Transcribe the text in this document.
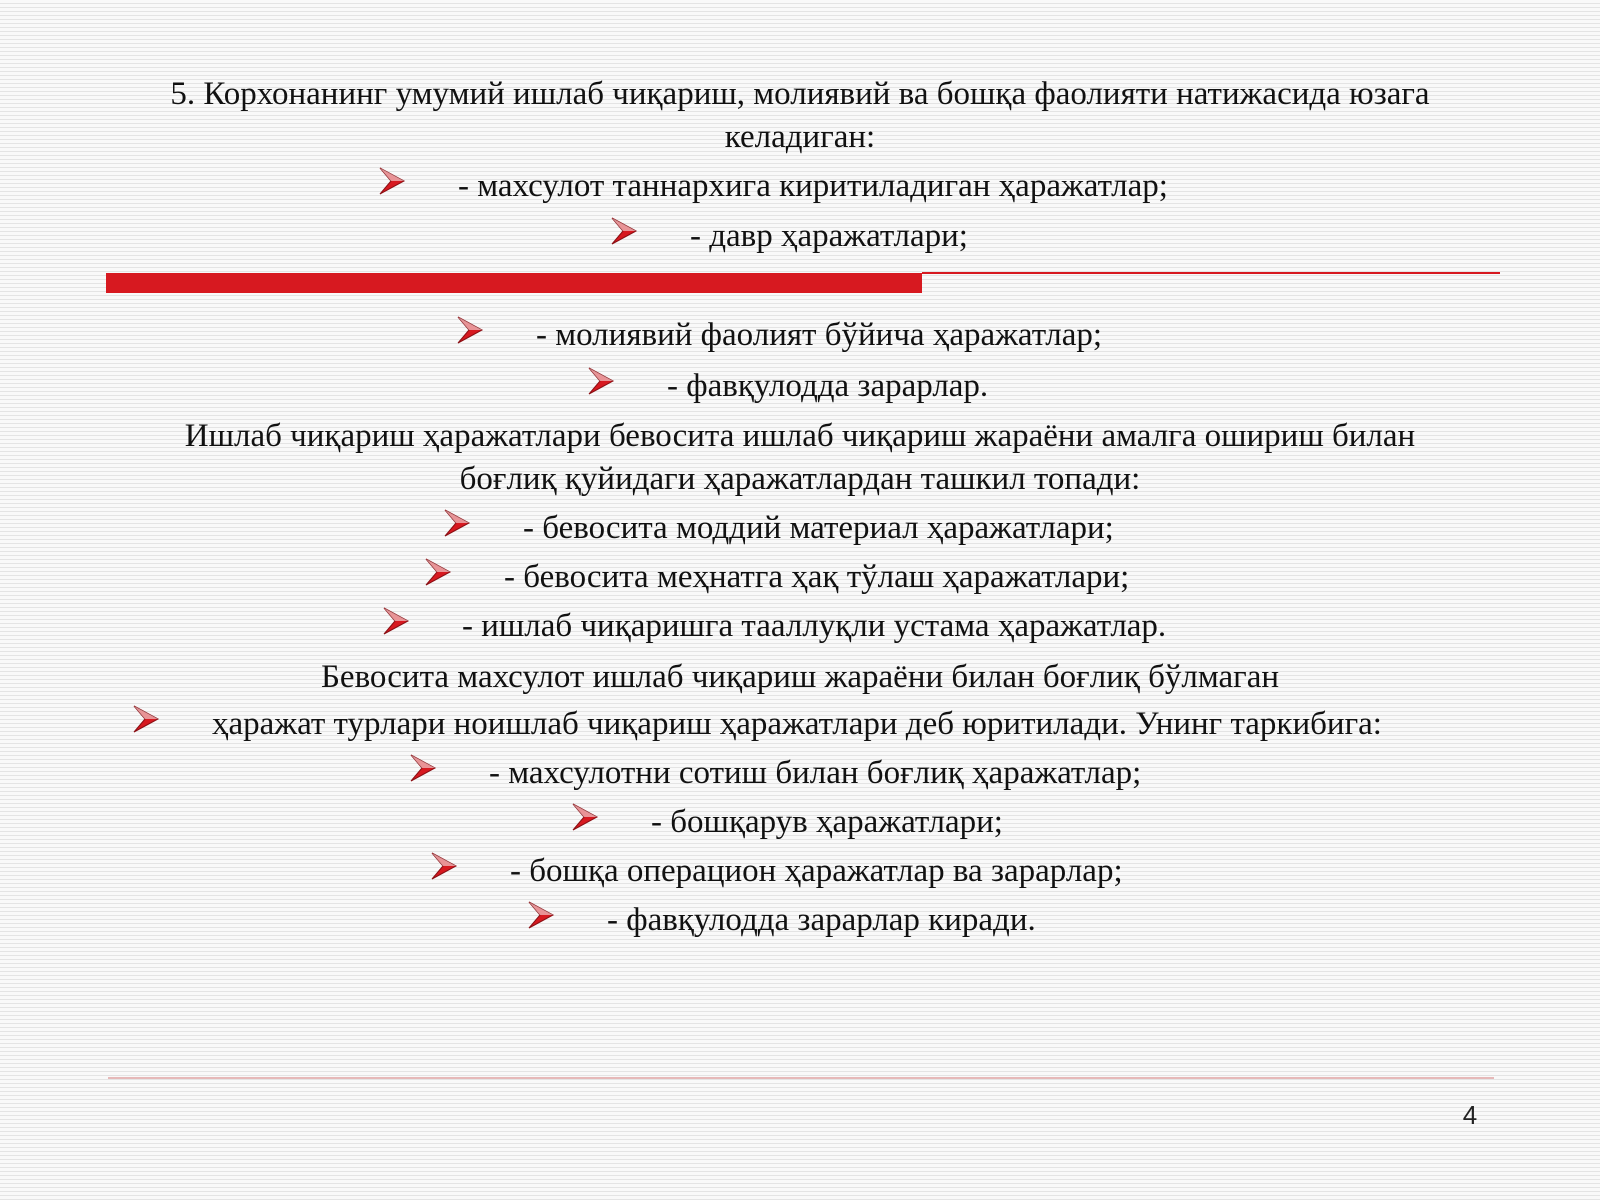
5. Корхонанинг умумий ишлаб чиқариш, молиявий ва бошқа фаолияти натижасида юзага
келадиган:
- махсулот таннархига киритиладиган ҳаражатлар;
- давр ҳаражатлари;
- молиявий фаолият бўйича ҳаражатлар;
- фавқулодда зарарлар.
Ишлаб чиқариш ҳаражатлари бевосита ишлаб чиқариш жараёни амалга ошириш билан
боғлиқ қуйидаги ҳаражатлардан ташкил топади:
- бевосита моддий материал ҳаражатлари;
- бевосита меҳнатга ҳақ тўлаш ҳаражатлари;
- ишлаб чиқаришга тааллуқли устама ҳаражатлар.
Бевосита махсулот ишлаб чиқариш жараёни билан боғлиқ бўлмаган
ҳаражат турлари ноишлаб чиқариш ҳаражатлари деб юритилади. Унинг таркибига:
- махсулотни сотиш билан боғлиқ ҳаражатлар;
- бошқарув ҳаражатлари;
- бошқа операцион ҳаражатлар ва зарарлар;
- фавқулодда зарарлар киради.
4
